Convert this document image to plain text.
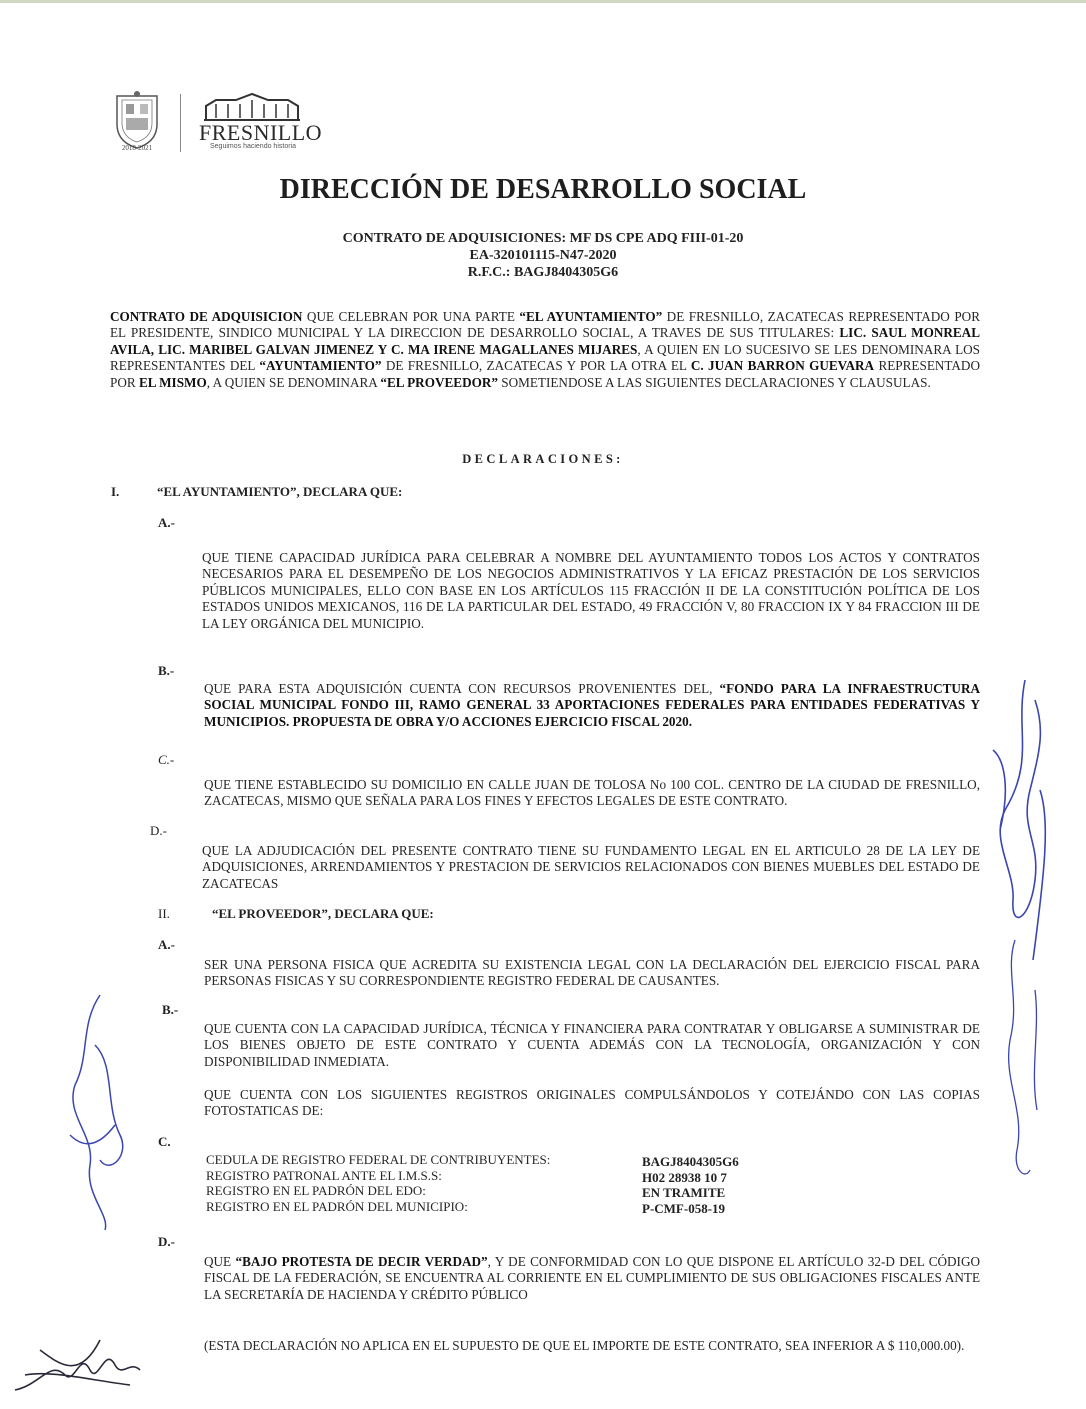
2018-2021
FRESNILLO
Seguimos haciendo historia
DIRECCIÓN DE DESARROLLO SOCIAL
CONTRATO DE ADQUISICIONES: MF DS CPE ADQ FIII-01-20
EA-320101115-N47-2020
R.F.C.: BAGJ8404305G6
CONTRATO DE ADQUISICION QUE CELEBRAN POR UNA PARTE “EL AYUNTAMIENTO” DE FRESNILLO, ZACATECAS REPRESENTADO POR EL PRESIDENTE, SINDICO MUNICIPAL Y LA DIRECCION DE DESARROLLO SOCIAL, A TRAVES DE SUS TITULARES: LIC. SAUL MONREAL AVILA, LIC. MARIBEL GALVAN JIMENEZ Y C. MA IRENE MAGALLANES MIJARES, A QUIEN EN LO SUCESIVO SE LES DENOMINARA LOS REPRESENTANTES DEL “AYUNTAMIENTO” DE FRESNILLO, ZACATECAS Y POR LA OTRA EL C. JUAN BARRON GUEVARA REPRESENTADO POR EL MISMO, A QUIEN SE DENOMINARA “EL PROVEEDOR” SOMETIENDOSE A LAS SIGUIENTES DECLARACIONES Y CLAUSULAS.
DECLARACIONES:
I.	“EL AYUNTAMIENTO”, DECLARA QUE:
A.-
QUE TIENE CAPACIDAD JURÍDICA PARA CELEBRAR A NOMBRE DEL AYUNTAMIENTO TODOS LOS ACTOS Y CONTRATOS NECESARIOS PARA EL DESEMPEÑO DE LOS NEGOCIOS ADMINISTRATIVOS Y LA EFICAZ PRESTACIÓN DE LOS SERVICIOS PÚBLICOS MUNICIPALES, ELLO CON BASE EN LOS ARTÍCULOS 115 FRACCIÓN II DE LA CONSTITUCIÓN POLÍTICA DE LOS ESTADOS UNIDOS MEXICANOS, 116 DE LA PARTICULAR DEL ESTADO, 49 FRACCIÓN V, 80 FRACCION IX Y 84 FRACCION III DE LA LEY ORGÁNICA DEL MUNICIPIO.
B.-
QUE PARA ESTA ADQUISICIÓN CUENTA CON RECURSOS PROVENIENTES DEL, “FONDO PARA LA INFRAESTRUCTURA SOCIAL MUNICIPAL FONDO III, RAMO GENERAL 33 APORTACIONES FEDERALES PARA ENTIDADES FEDERATIVAS Y MUNICIPIOS. PROPUESTA DE OBRA Y/O ACCIONES EJERCICIO FISCAL 2020.
C.-
QUE TIENE ESTABLECIDO SU DOMICILIO EN CALLE JUAN DE TOLOSA No 100 COL. CENTRO DE LA CIUDAD DE FRESNILLO, ZACATECAS, MISMO QUE SEÑALA PARA LOS FINES Y EFECTOS LEGALES DE ESTE CONTRATO.
D.-
QUE LA ADJUDICACIÓN DEL PRESENTE CONTRATO TIENE SU FUNDAMENTO LEGAL EN EL ARTICULO 28 DE LA LEY DE ADQUISICIONES, ARRENDAMIENTOS Y PRESTACION DE SERVICIOS RELACIONADOS CON BIENES MUEBLES DEL ESTADO DE ZACATECAS
II.	“EL PROVEEDOR”, DECLARA QUE:
A.-
SER UNA PERSONA FISICA QUE ACREDITA SU EXISTENCIA LEGAL CON LA DECLARACIÓN DEL EJERCICIO FISCAL PARA PERSONAS FISICAS Y SU CORRESPONDIENTE REGISTRO FEDERAL DE CAUSANTES.
B.-
QUE CUENTA CON LA CAPACIDAD JURÍDICA, TÉCNICA Y FINANCIERA PARA CONTRATAR Y OBLIGARSE A SUMINISTRAR DE LOS BIENES OBJETO DE ESTE CONTRATO Y CUENTA ADEMÁS CON LA TECNOLOGÍA, ORGANIZACIÓN Y CON DISPONIBILIDAD INMEDIATA.
QUE CUENTA CON LOS SIGUIENTES REGISTROS ORIGINALES COMPULSÁNDOLOS Y COTEJÁNDO CON LAS COPIAS FOTOSTATICAS DE:
C.
CEDULA DE REGISTRO FEDERAL DE CONTRIBUYENTES:
REGISTRO PATRONAL ANTE EL I.M.S.S:
REGISTRO EN EL PADRÓN DEL EDO:
REGISTRO EN EL PADRÓN DEL MUNICIPIO:
BAGJ8404305G6
H02 28938 10 7
EN TRAMITE
P-CMF-058-19
D.-
QUE “BAJO PROTESTA DE DECIR VERDAD”, Y DE CONFORMIDAD CON LO QUE DISPONE EL ARTÍCULO 32-D DEL CÓDIGO FISCAL DE LA FEDERACIÓN, SE ENCUENTRA AL CORRIENTE EN EL CUMPLIMIENTO DE SUS OBLIGACIONES FISCALES ANTE LA SECRETARÍA DE HACIENDA Y CRÉDITO PÚBLICO
(ESTA DECLARACIÓN NO APLICA EN EL SUPUESTO DE QUE EL IMPORTE DE ESTE CONTRATO, SEA INFERIOR A $ 110,000.00).
